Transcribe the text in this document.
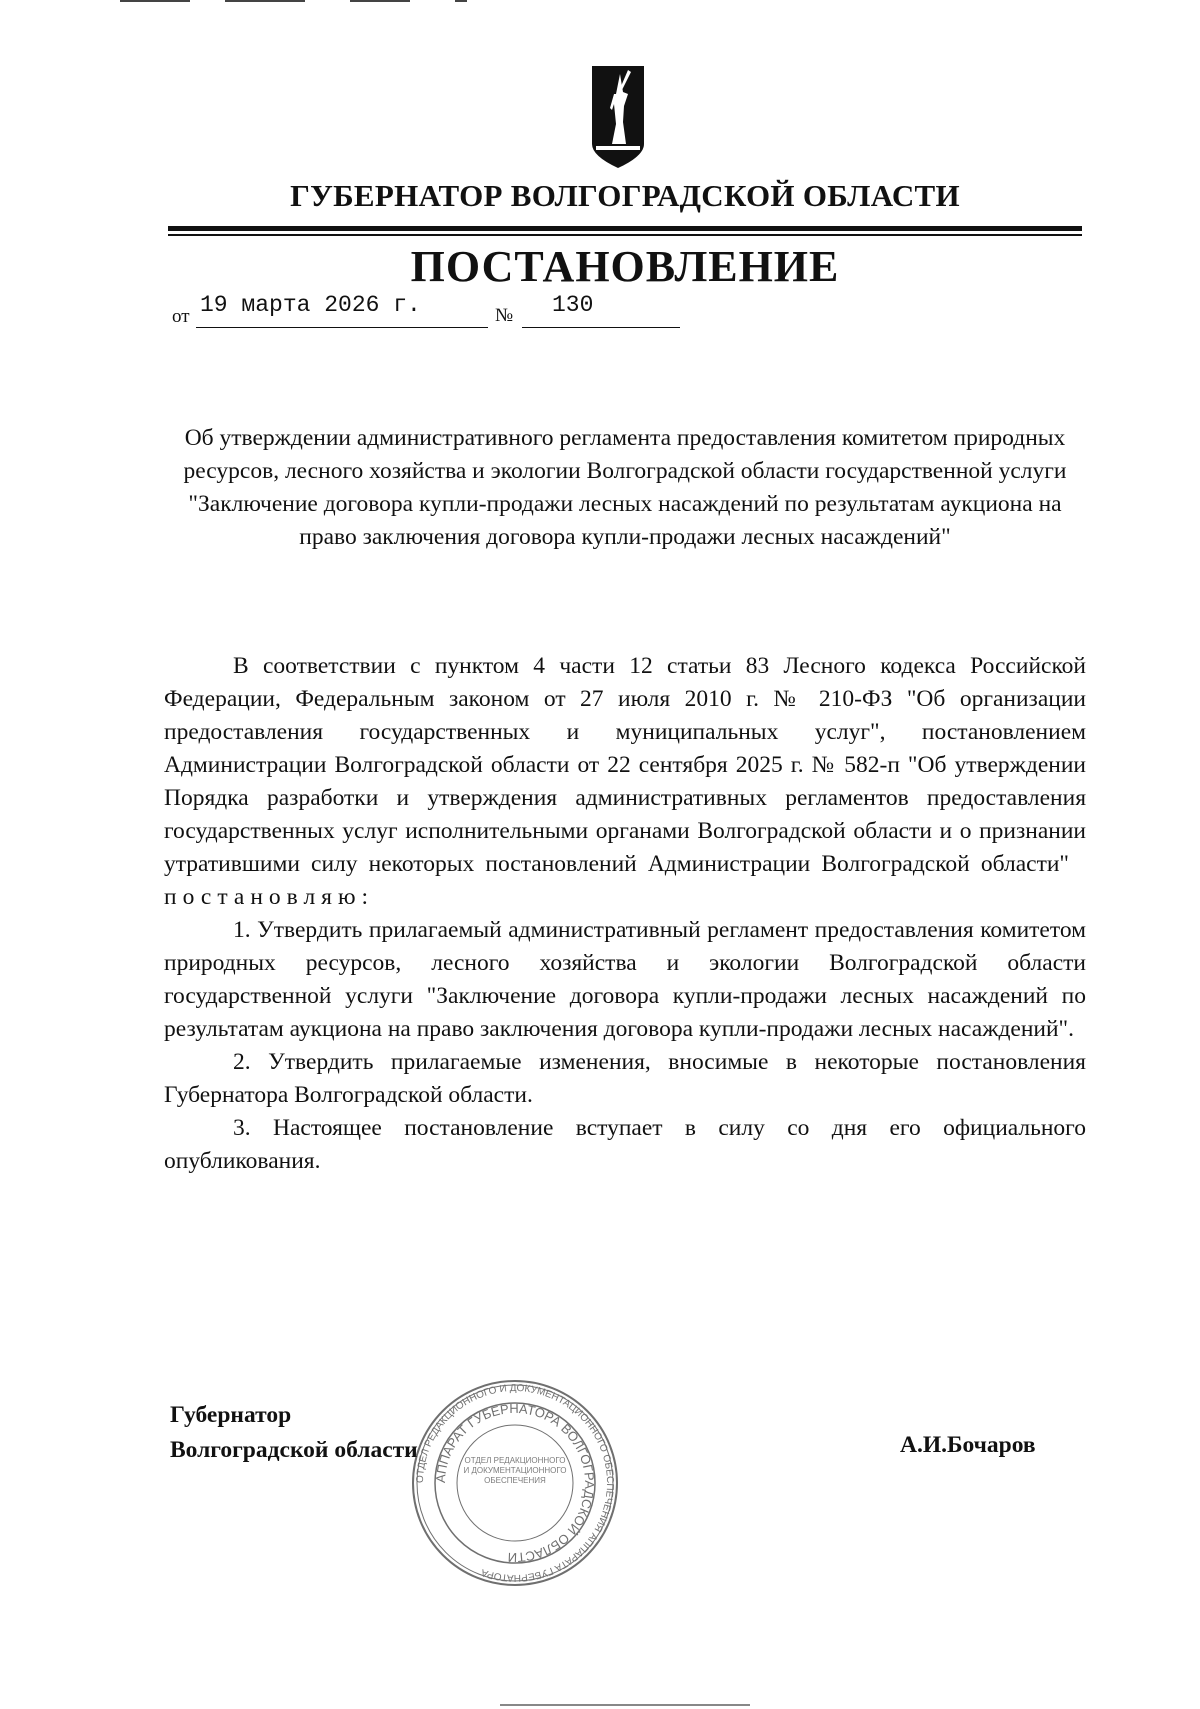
ГУБЕРНАТОР ВОЛГОГРАДСКОЙ ОБЛАСТИ
ПОСТАНОВЛЕНИЕ
от 19 марта 2026 г.	№ 130
Об утверждении административного регламента предоставления комитетом природных ресурсов, лесного хозяйства и экологии Волгоградской области государственной услуги "Заключение договора купли-продажи лесных насаждений по результатам аукциона на право заключения договора купли-продажи лесных насаждений"

В соответствии с пунктом 4 части 12 статьи 83 Лесного кодекса Российской Федерации, Федеральным законом от 27 июля 2010 г. № 210-ФЗ "Об организации предоставления государственных и муниципальных услуг", постановлением Администрации Волгоградской области от 22 сентября 2025 г. № 582-п "Об утверждении Порядка разработки и утверждения административных регламентов предоставления государственных услуг исполнительными органами Волгоградской области и о признании утратившими силу некоторых постановлений Администрации Волгоградской области"   постановляю:

1. Утвердить прилагаемый административный регламент предоставления комитетом природных ресурсов, лесного хозяйства и экологии Волгоградской области государственной услуги "Заключение договора купли-продажи лесных насаждений по результатам аукциона на право заключения договора купли-продажи лесных насаждений".

2. Утвердить прилагаемые изменения, вносимые в некоторые постановления Губернатора Волгоградской области.

3. Настоящее постановление вступает в силу со дня его официального опубликования.

Губернатор
Волгоградской области	А.И.Бочаров
ОТДЕЛ РЕДАКЦИОННОГО И ДОКУМЕНТАЦИОННОГО ОБЕСПЕЧЕНИЯ АППАРАТА ГУБЕРНАТОРА
АППАРАТ ГУБЕРНАТОРА ВОЛГОГРАДСКОЙ ОБЛАСТИ
ОТДЕЛ РЕДАКЦИОННОГО И ДОКУМЕНТАЦИОННОГО ОБЕСПЕЧЕНИЯ
